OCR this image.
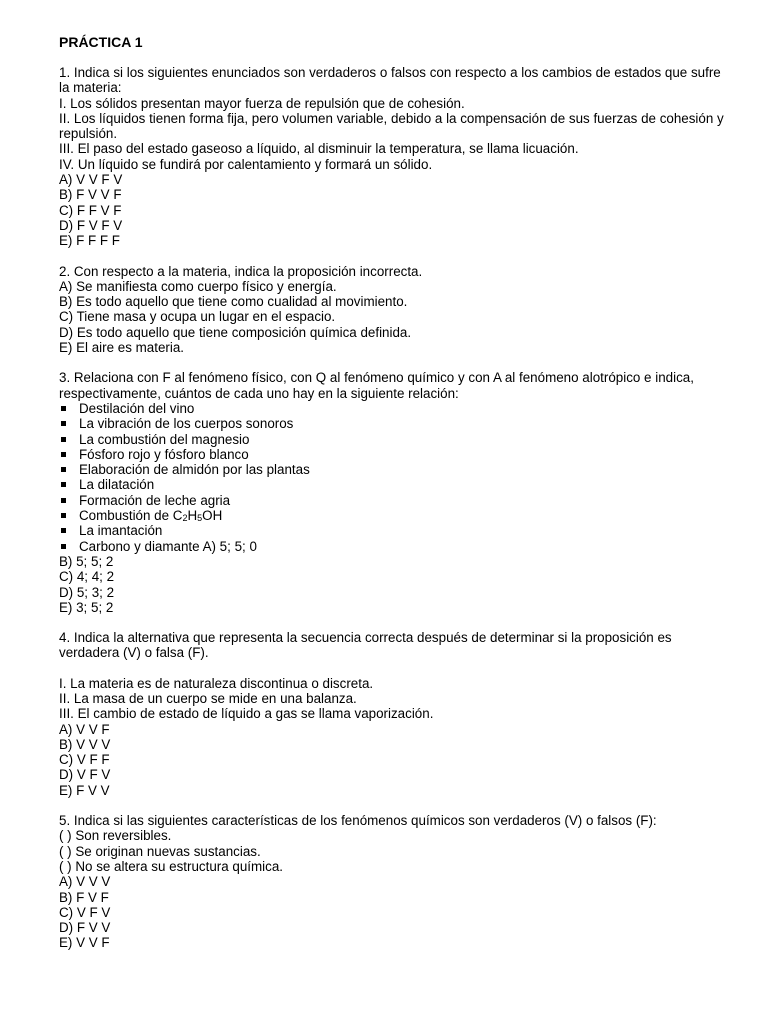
PRÁCTICA 1
1. Indica si los siguientes enunciados son verdaderos o falsos con respecto a los cambios de estados que sufre la materia:
I. Los sólidos presentan mayor fuerza de repulsión que de cohesión.
II. Los líquidos tienen forma fija, pero volumen variable, debido a la compensación de sus fuerzas de cohesión y repulsión.
III. El paso del estado gaseoso a líquido, al disminuir la temperatura, se llama licuación.
IV. Un líquido se fundirá por calentamiento y formará un sólido.
A) V V F V
B) F V V F
C) F F V F
D) F V F V
E) F F F F
2. Con respecto a la materia, indica la proposición incorrecta.
A) Se manifiesta como cuerpo físico y energía.
B) Es todo aquello que tiene como cualidad al movimiento.
C) Tiene masa y ocupa un lugar en el espacio.
D) Es todo aquello que tiene composición química definida.
E) El aire es materia.
3. Relaciona con F al fenómeno físico, con Q al fenómeno químico y con A al fenómeno alotrópico e indica, respectivamente, cuántos de cada uno hay en la siguiente relación:
Destilación del vino
La vibración de los cuerpos sonoros
La combustión del magnesio
Fósforo rojo y fósforo blanco
Elaboración de almidón por las plantas
La dilatación
Formación de leche agria
Combustión de $C_2H_5OH$
La imantación
Carbono y diamante A) 5; 5; 0
B) 5; 5; 2
C) 4; 4; 2
D) 5; 3; 2
E) 3; 5; 2
4. Indica la alternativa que representa la secuencia correcta después de determinar si la proposición es verdadera (V) o falsa (F).
I. La materia es de naturaleza discontinua o discreta.
II. La masa de un cuerpo se mide en una balanza.
III. El cambio de estado de líquido a gas se llama vaporización.
A) V V F
B) V V V
C) V F F
D) V F V
E) F V V
5. Indica si las siguientes características de los fenómenos químicos son verdaderos (V) o falsos (F):
( ) Son reversibles.
( ) Se originan nuevas sustancias.
( ) No se altera su estructura química.
A) V V V
B) F V F
C) V F V
D) F V V
E) V V F
